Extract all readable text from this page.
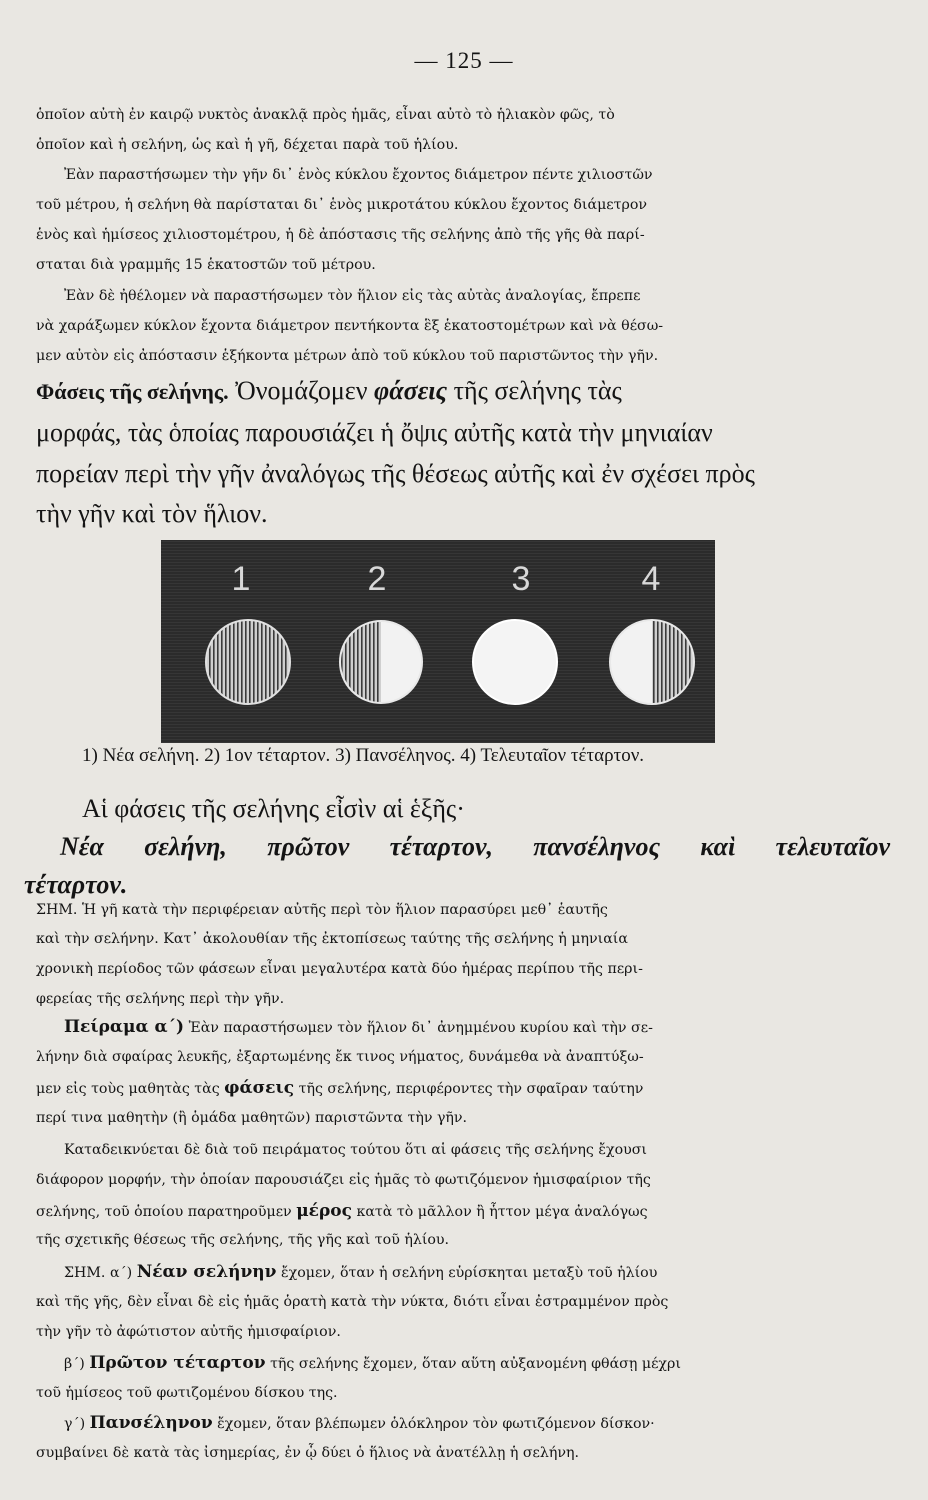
— 125 —
ὁποῖον αὐτὴ ἐν καιρῷ νυκτὸς ἀνακλᾷ πρὸς ἡμᾶς, εἶναι αὐτὸ τὸ ἡλιακὸν φῶς, τὸ
ὁποῖον καὶ ἡ σελήνη, ὡς καὶ ἡ γῆ, δέχεται παρὰ τοῦ ἡλίου.
Ἐὰν παραστήσωμεν τὴν γῆν δι᾽ ἑνὸς κύκλου ἔχοντος διάμετρον πέντε χιλιοστῶν
τοῦ μέτρου, ἡ σελήνη θὰ παρίσταται δι᾽ ἑνὸς μικροτάτου κύκλου ἔχοντος διάμετρον
ἑνὸς καὶ ἡμίσεος χιλιοστομέτρου, ἡ δὲ ἀπόστασις τῆς σελήνης ἀπὸ τῆς γῆς θὰ παρί-
σταται διὰ γραμμῆς 15 ἑκατοστῶν τοῦ μέτρου.
Ἐὰν δὲ ἠθέλομεν νὰ παραστήσωμεν τὸν ἥλιον εἰς τὰς αὐτὰς ἀναλογίας, ἔπρεπε
νὰ χαράξωμεν κύκλον ἔχοντα διάμετρον πεντήκοντα ἓξ ἑκατοστομέτρων καὶ νὰ θέσω-
μεν αὐτὸν εἰς ἀπόστασιν ἑξήκοντα μέτρων ἀπὸ τοῦ κύκλου τοῦ παριστῶντος τὴν γῆν.
Φάσεις τῆς σελήνης. Ὀνομάζομεν φάσεις τῆς σελήνης τὰς
μορφάς, τὰς ὁποίας παρουσιάζει ἡ ὄψις αὐτῆς κατὰ τὴν μηνιαίαν
πορείαν περὶ τὴν γῆν ἀναλόγως τῆς θέσεως αὐτῆς καὶ ἐν σχέσει πρὸς
τὴν γῆν καὶ τὸν ἥλιον.
1	2	3	4
1) Νέα σελήνη. 2) 1ον τέταρτον. 3) Πανσέληνος. 4) Τελευταῖον τέταρτον.
Αἱ φάσεις τῆς σελήνης εἶσὶν αἱ ἑξῆς·
Νέα σελήνη, πρῶτον τέταρτον, πανσέληνος καὶ τελευταῖον
τέταρτον.
ΣΗΜ. Ἡ γῆ κατὰ τὴν περιφέρειαν αὐτῆς περὶ τὸν ἥλιον παρασύρει μεθ᾽ ἑαυτῆς
καὶ τὴν σελήνην. Κατ᾽ ἀκολουθίαν τῆς ἐκτοπίσεως ταύτης τῆς σελήνης ἡ μηνιαία
χρονικὴ περίοδος τῶν φάσεων εἶναι μεγαλυτέρα κατὰ δύο ἡμέρας περίπου τῆς περι-
φερείας τῆς σελήνης περὶ τὴν γῆν.
Πείραμα α΄) Ἐὰν παραστήσωμεν τὸν ἥλιον δι᾽ ἀνημμένου κυρίου καὶ τὴν σε-
λήνην διὰ σφαίρας λευκῆς, ἐξαρτωμένης ἔκ τινος νήματος, δυνάμεθα νὰ ἀναπτύξω-
μεν εἰς τοὺς μαθητὰς τὰς φάσεις τῆς σελήνης, περιφέροντες τὴν σφαῖραν ταύτην
περί τινα μαθητὴν (ἢ ὁμάδα μαθητῶν) παριστῶντα τὴν γῆν.
Καταδεικνύεται δὲ διὰ τοῦ πειράματος τούτου ὅτι αἱ φάσεις τῆς σελήνης ἔχουσι
διάφορον μορφήν, τὴν ὁποίαν παρουσιάζει εἰς ἡμᾶς τὸ φωτιζόμενον ἡμισφαίριον τῆς
σελήνης, τοῦ ὁποίου παρατηροῦμεν μέρος κατὰ τὸ μᾶλλον ἢ ἧττον μέγα ἀναλόγως
τῆς σχετικῆς θέσεως τῆς σελήνης, τῆς γῆς καὶ τοῦ ἡλίου.
ΣΗΜ. α΄) Νέαν σελήνην ἔχομεν, ὅταν ἡ σελήνη εὑρίσκηται μεταξὺ τοῦ ἡλίου
καὶ τῆς γῆς, δὲν εἶναι δὲ εἰς ἡμᾶς ὁρατὴ κατὰ τὴν νύκτα, διότι εἶναι ἐστραμμένον πρὸς
τὴν γῆν τὸ ἀφώτιστον αὐτῆς ἡμισφαίριον.
β΄) Πρῶτον τέταρτον τῆς σελήνης ἔχομεν, ὅταν αὕτη αὐξανομένη φθάσῃ μέχρι
τοῦ ἡμίσεος τοῦ φωτιζομένου δίσκου της.
γ΄) Πανσέληνον ἔχομεν, ὅταν βλέπωμεν ὁλόκληρον τὸν φωτιζόμενον δίσκον·
συμβαίνει δὲ κατὰ τὰς ἰσημερίας, ἐν ᾧ δύει ὁ ἥλιος νὰ ἀνατέλλῃ ἡ σελήνη.
